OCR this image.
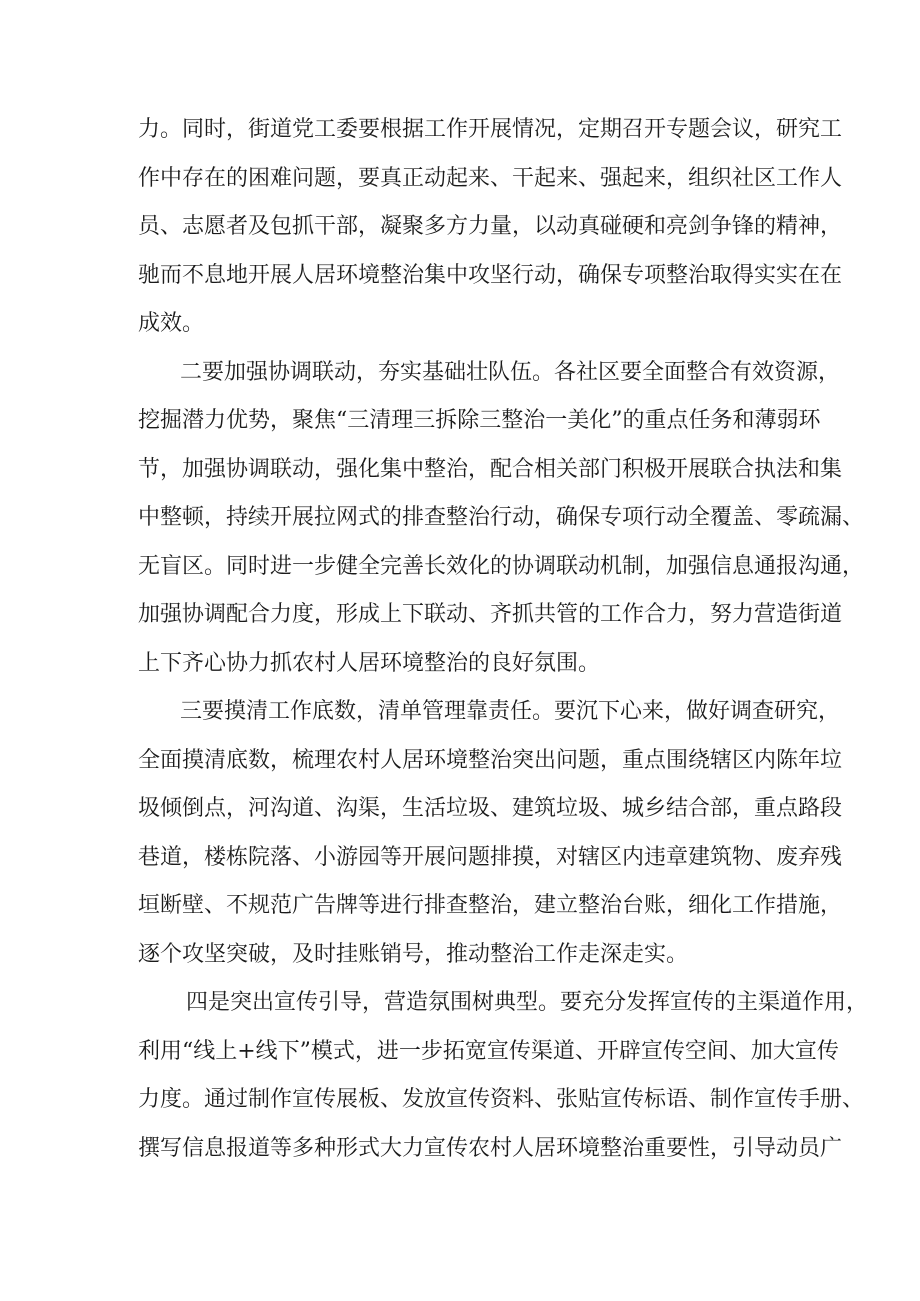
力。同时，街道党工委要根据工作开展情况，定期召开专题会议，研究工
作中存在的困难问题，要真正动起来、干起来、强起来，组织社区工作人
员、志愿者及包抓干部，凝聚多方力量，以动真碰硬和亮剑争锋的精神，
驰而不息地开展人居环境整治集中攻坚行动，确保专项整治取得实实在在
成效。
二要加强协调联动，夯实基础壮队伍。各社区要全面整合有效资源，
挖掘潜力优势，聚焦“三清理三拆除三整治一美化”的重点任务和薄弱环
节，加强协调联动，强化集中整治，配合相关部门积极开展联合执法和集
中整顿，持续开展拉网式的排查整治行动，确保专项行动全覆盖、零疏漏、
无盲区。同时进一步健全完善长效化的协调联动机制，加强信息通报沟通，
加强协调配合力度，形成上下联动、齐抓共管的工作合力，努力营造街道
上下齐心协力抓农村人居环境整治的良好氛围。
三要摸清工作底数，清单管理靠责任。要沉下心来，做好调查研究，
全面摸清底数，梳理农村人居环境整治突出问题，重点围绕辖区内陈年垃
圾倾倒点，河沟道、沟渠，生活垃圾、建筑垃圾、城乡结合部，重点路段
巷道，楼栋院落、小游园等开展问题排摸，对辖区内违章建筑物、废弃残
垣断壁、不规范广告牌等进行排查整治，建立整治台账，细化工作措施，
逐个攻坚突破，及时挂账销号，推动整治工作走深走实。
四是突出宣传引导，营造氛围树典型。要充分发挥宣传的主渠道作用，
利用“线上+线下”模式，进一步拓宽宣传渠道、开辟宣传空间、加大宣传
力度。通过制作宣传展板、发放宣传资料、张贴宣传标语、制作宣传手册、
撰写信息报道等多种形式大力宣传农村人居环境整治重要性，引导动员广
